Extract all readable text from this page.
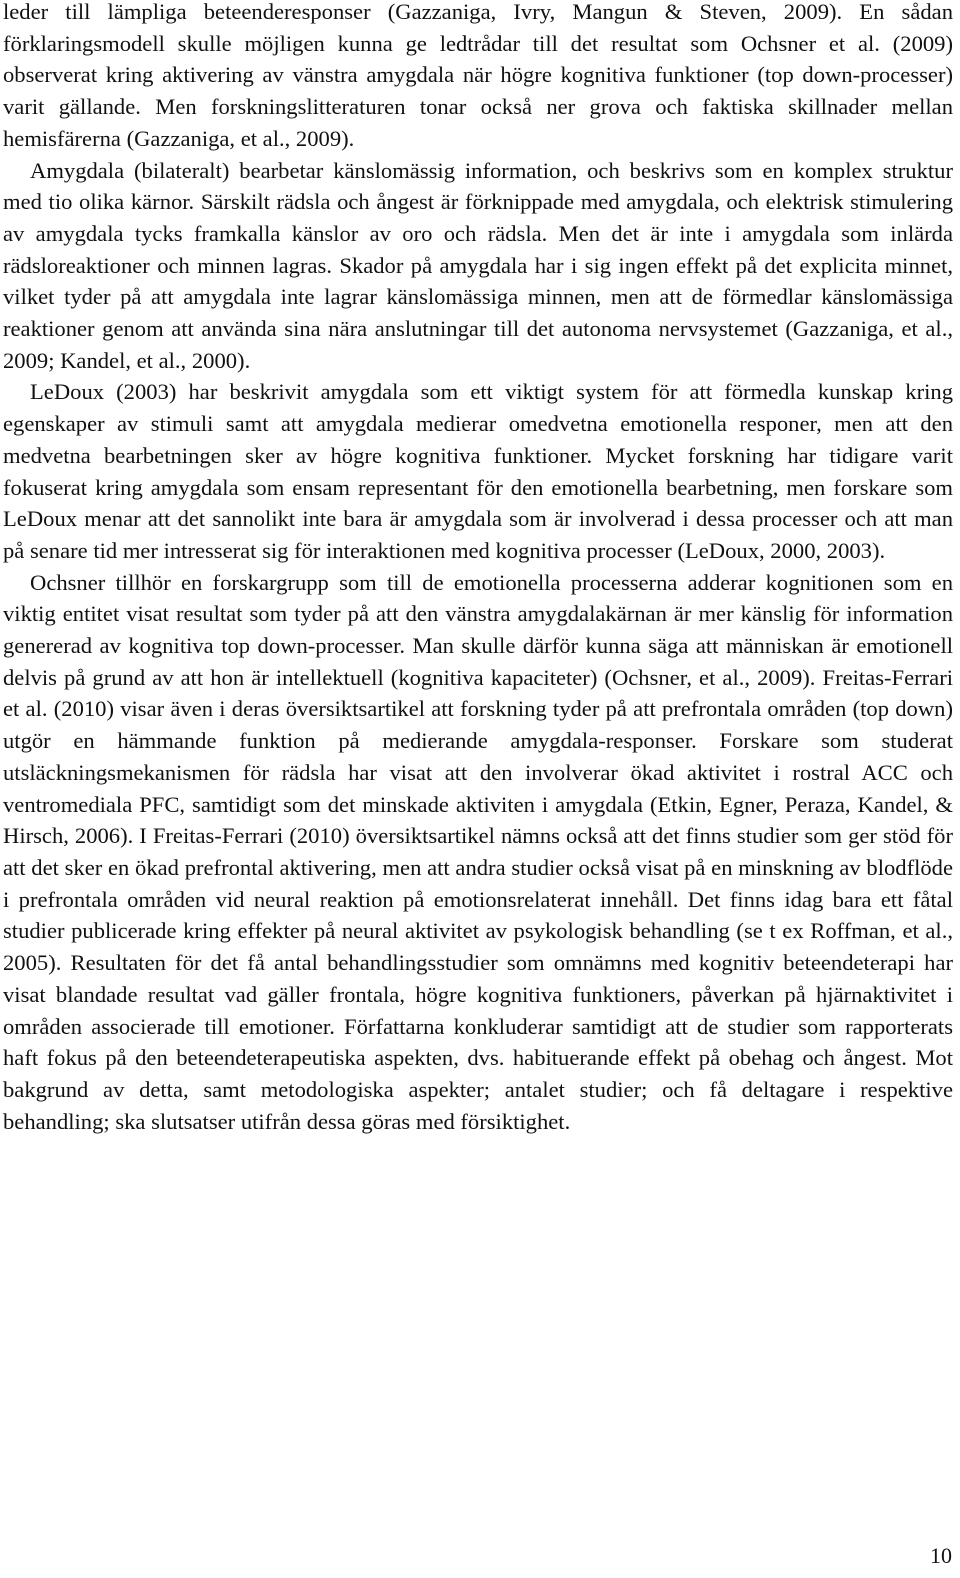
leder till lämpliga beteenderesponser (Gazzaniga, Ivry, Mangun & Steven, 2009). En sådan förklaringsmodell skulle möjligen kunna ge ledtrådar till det resultat som Ochsner et al. (2009) observerat kring aktivering av vänstra amygdala när högre kognitiva funktioner (top down-processer) varit gällande. Men forskningslitteraturen tonar också ner grova och faktiska skillnader mellan hemisfärerna (Gazzaniga, et al., 2009).

Amygdala (bilateralt) bearbetar känslomässig information, och beskrivs som en komplex struktur med tio olika kärnor. Särskilt rädsla och ångest är förknippade med amygdala, och elektrisk stimulering av amygdala tycks framkalla känslor av oro och rädsla. Men det är inte i amygdala som inlärda rädsloreaktioner och minnen lagras. Skador på amygdala har i sig ingen effekt på det explicita minnet, vilket tyder på att amygdala inte lagrar känslomässiga minnen, men att de förmedlar känslomässiga reaktioner genom att använda sina nära anslutningar till det autonoma nervsystemet (Gazzaniga, et al., 2009; Kandel, et al., 2000).

LeDoux (2003) har beskrivit amygdala som ett viktigt system för att förmedla kunskap kring egenskaper av stimuli samt att amygdala medierar omedvetna emotionella responer, men att den medvetna bearbetningen sker av högre kognitiva funktioner. Mycket forskning har tidigare varit fokuserat kring amygdala som ensam representant för den emotionella bearbetning, men forskare som LeDoux menar att det sannolikt inte bara är amygdala som är involverad i dessa processer och att man på senare tid mer intresserat sig för interaktionen med kognitiva processer (LeDoux, 2000, 2003).

Ochsner tillhör en forskargrupp som till de emotionella processerna adderar kognitionen som en viktig entitet visat resultat som tyder på att den vänstra amygdalakärnan är mer känslig för information genererad av kognitiva top down-processer. Man skulle därför kunna säga att människan är emotionell delvis på grund av att hon är intellektuell (kognitiva kapaciteter) (Ochsner, et al., 2009). Freitas-Ferrari et al. (2010) visar även i deras översiktsartikel att forskning tyder på att prefrontala områden (top down) utgör en hämmande funktion på medierande amygdala-responser. Forskare som studerat utsläckningsmekanismen för rädsla har visat att den involverar ökad aktivitet i rostral ACC och ventromediala PFC, samtidigt som det minskade aktiviten i amygdala (Etkin, Egner, Peraza, Kandel, & Hirsch, 2006). I Freitas-Ferrari (2010) översiktsartikel nämns också att det finns studier som ger stöd för att det sker en ökad prefrontal aktivering, men att andra studier också visat på en minskning av blodflöde i prefrontala områden vid neural reaktion på emotionsrelaterat innehåll. Det finns idag bara ett fåtal studier publicerade kring effekter på neural aktivitet av psykologisk behandling (se t ex Roffman, et al., 2005). Resultaten för det få antal behandlingsstudier som omnämns med kognitiv beteendeterapi har visat blandade resultat vad gäller frontala, högre kognitiva funktioners, påverkan på hjärnaktivitet i områden associerade till emotioner. Författarna konkluderar samtidigt att de studier som rapporterats haft fokus på den beteendeterapeutiska aspekten, dvs. habituerande effekt på obehag och ångest. Mot bakgrund av detta, samt metodologiska aspekter; antalet studier; och få deltagare i respektive behandling; ska slutsatser utifrån dessa göras med försiktighet.

10
